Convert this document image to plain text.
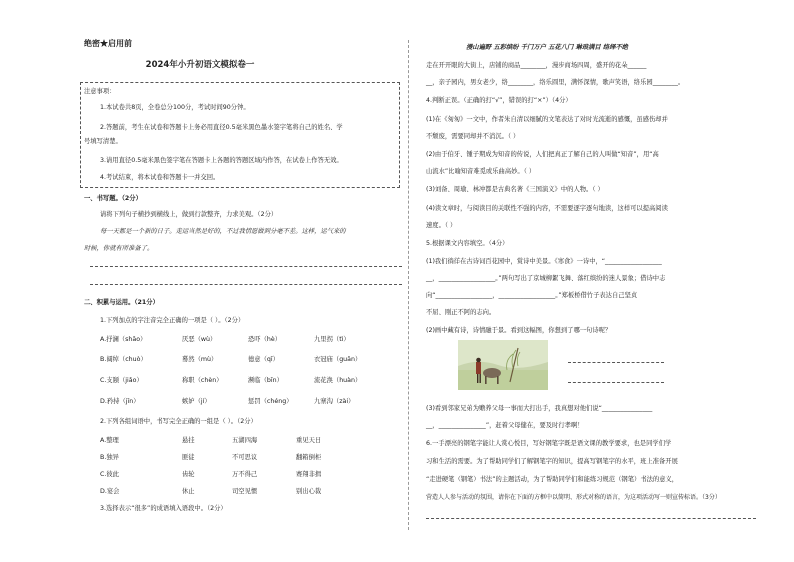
绝密★启用前
2024年小升初语文模拟卷一
注意事项：
1.本试卷共8页，全卷总分100分，考试时间90分钟。
2.答题前，考生在试卷和答题卡上务必用直径0.5毫米黑色墨水签字笔将自己的姓名、学
号填写清楚。
3.请用直径0.5毫米黑色签字笔在答题卡上各题的答题区域内作答，在试卷上作答无效。
4.考试结束，将本试卷和答题卡一并交回。
一、书写题。（2分）
请将下列句子横抄到横线上，做到行款整齐，力求美观。（2分）
每一天都是一个新的日子。走运当然是好的，不过我情愿做到分毫不差。这样，运气来的
时候，你就有所准备了。
二、积累与运用。（21分）
1.下列加点的字注音完全正确的一项是（ ）。（2分）
A.抒澜（shāo）	厌恶（wù）	恐吓（hè）	九里拐（tì）
B.阔绰（chuò）	蓦然（mù）	德意（qī）	衣冠庙（guān）
C.支颐（jiǎo）	称职（chèn）	濒临（bīn）	流花涣（huàn）
D.矜持（jīn）	嫉妒（jí）	惩罚（chéng）	九寨沟（zài）
2.下列各组词语中，书写完全正确的一组是（ ）。（2分）
A.整理	悬挂	五湖四海	重见天日
B.独异	匪徒	不可思议	翻箱倒柜
C.彼此	齿轮	万不得己	赛翔非揖
D.宴会	休止	司空见惯	别出心裁
3.选择表示“很多”的成语填入语段中。（2分）
漫山遍野 五彩缤纷 千门万户 五花八门 琳琅满目 络绎不绝
走在开开眼的大街上，店铺的商品________，漫步商场四周，盛开的花朵______
__，亲子园内，男女老少，络________，络乐圆里，满怀深情，歌声笑语，络乐园________。
4.判断正误。（正确的打“√”，错误的打“×”）（4分）
(1)在《匆匆》一文中，作者朱自清以细腻的文笔表达了对时光流逝的感慨，虽感伤却并
不颓废，需要同却并不消沉。（ ）
(2)由于伯牙、锺子期成为知音的传说，人们把真正了解自己的人叫做“知音”，用“高
山流水”比喻知音难觅或乐曲高妙。（ ）
(3)刘备、周瑜、林冲都是古典名著《三国演义》中的人物。（ ）
(4)读文章时，与阅读目的关联性不强的内容，不需要逐字逐句地读，这样可以提高阅读
速度。（ ）
5.根据课文内容填空。（4分）
(1)我们徜徉在古诗词百花园中，赏诗中美景。《寒食》一诗中，“__________________
__，__________________。”两句写出了京城柳絮飞舞、落红缤纷的迷人景象；借诗中志
向“__________________，__________________。”郑板桥借竹子表达自己坚贞
不屈、刚正不阿的志向。
(2)画中藏有诗，诗情融于景。看到这幅图，你想到了哪一句诗呢？
(3)看到邻家兄弟为赡养父母一事而大打出手，我真想对他们说“________________
__，_______________”，赶着父母健在，要及时行孝啊！
6.一手漂亮的钢笔字能让人赏心悦目，写好钢笔字既是语文课的教学要求，也是同学们学
习和生活的需要。为了帮助同学们了解钢笔字的知识，提高写钢笔字的水平，班上准备开展
“走进硬笔（钢笔）书法”的主题活动，为了帮助同学们和能练习规范（钢笔）书法的意义，
营造人人参与活动的氛围，请你在下面的方框中以简明、形式对称的语言，为这项活动写一则宣传标语。（3分）
